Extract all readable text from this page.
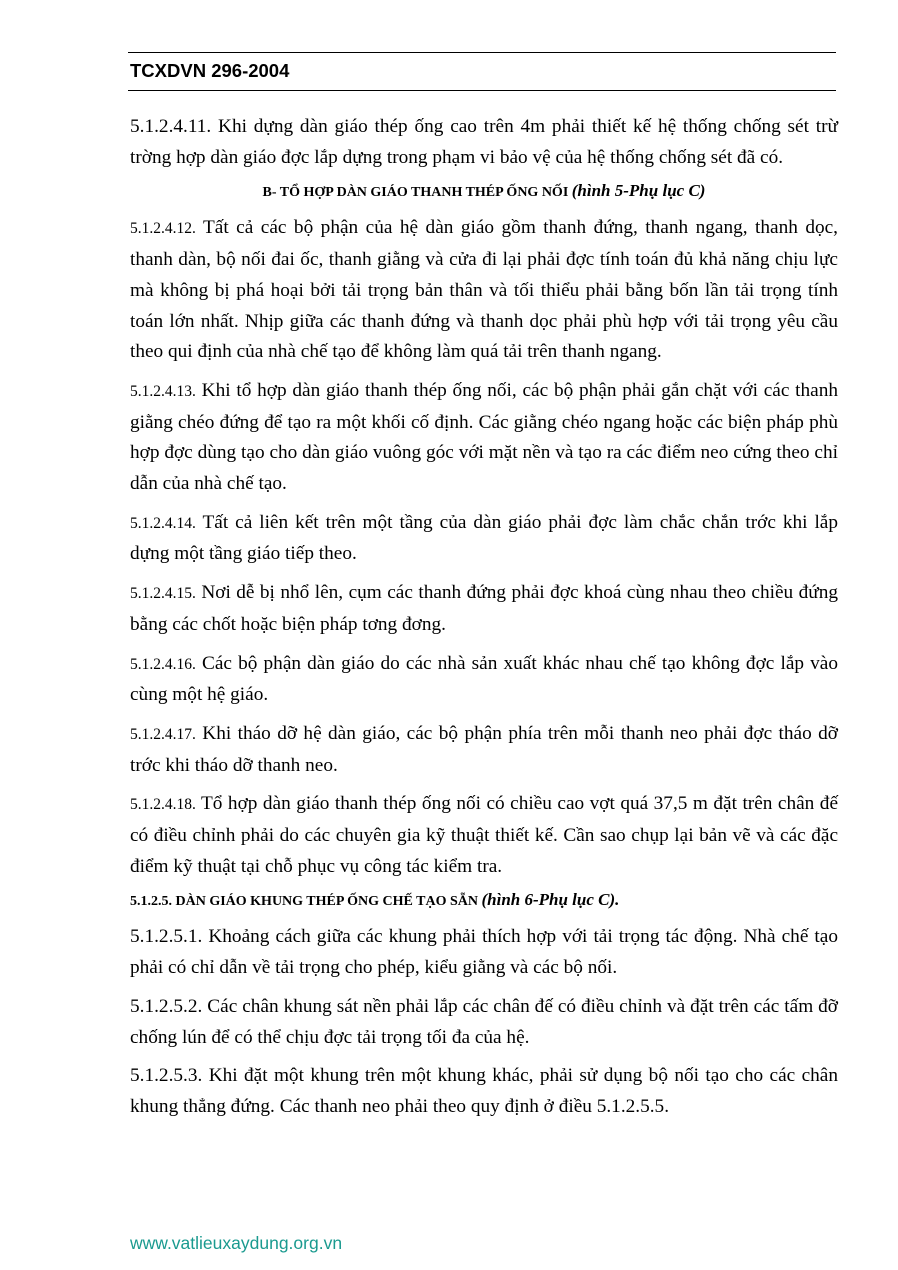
TCXDVN 296-2004

5.1.2.4.11. Khi dựng dàn giáo thép ống cao trên 4m phải thiết kế hệ thống chống sét trừ trờng hợp dàn giáo đợc lắp dựng trong phạm vi bảo vệ của hệ thống chống sét đã có.

B- TỔ HỢP DÀN GIÁO THANH THÉP ỐNG NỐI (hình 5-Phụ lục C)

5.1.2.4.12. Tất cả các bộ phận của hệ dàn giáo gồm thanh đứng, thanh ngang, thanh dọc, thanh dàn, bộ nối đai ốc, thanh giằng và cửa đi lại phải đợc tính toán đủ khả năng chịu lực mà không bị phá hoại bởi tải trọng bản thân và tối thiểu phải bằng bốn lần tải trọng tính toán lớn nhất. Nhịp giữa các thanh đứng và thanh dọc phải phù hợp với tải trọng yêu cầu theo qui định của nhà chế tạo để không làm quá tải trên thanh ngang.

5.1.2.4.13. Khi tổ hợp dàn giáo thanh thép ống nối, các bộ phận phải gắn chặt với các thanh giằng chéo đứng để tạo ra một khối cố định. Các giằng chéo ngang hoặc các biện pháp phù hợp đợc dùng tạo cho dàn giáo vuông góc với mặt nền và tạo ra các điểm neo cứng theo chỉ dẫn của nhà chế tạo.

5.1.2.4.14. Tất cả liên kết trên một tầng của dàn giáo phải đợc làm chắc chắn trớc khi lắp dựng một tầng giáo tiếp theo.

5.1.2.4.15. Nơi dễ bị nhổ lên, cụm các thanh đứng phải đợc khoá cùng nhau theo chiều đứng bằng các chốt hoặc biện pháp tơng đơng.

5.1.2.4.16. Các bộ phận dàn giáo do các nhà sản xuất khác nhau chế tạo không đợc lắp vào cùng một hệ giáo.

5.1.2.4.17. Khi tháo dỡ hệ dàn giáo, các bộ phận phía trên mỗi thanh neo phải đợc tháo dỡ trớc khi tháo dỡ thanh neo.

5.1.2.4.18. Tổ hợp dàn giáo thanh thép ống nối có chiều cao vợt quá 37,5 m đặt trên chân đế có điều chỉnh phải do các chuyên gia kỹ thuật thiết kế. Cần sao chụp lại bản vẽ và các đặc điểm kỹ thuật tại chỗ phục vụ công tác kiểm tra.

5.1.2.5. DÀN GIÁO KHUNG THÉP ỐNG CHẾ TẠO SẴN (hình 6-Phụ lục C).

5.1.2.5.1. Khoảng cách giữa các khung phải thích hợp với tải trọng tác động. Nhà chế tạo phải có chỉ dẫn về tải trọng cho phép, kiểu giằng và các bộ nối.

5.1.2.5.2. Các chân khung sát nền phải lắp các chân đế có điều chỉnh và đặt trên các tấm đỡ chống lún để có thể chịu đợc tải trọng tối đa của hệ.

5.1.2.5.3. Khi đặt một khung trên một khung khác, phải sử dụng bộ nối tạo cho các chân khung thẳng đứng. Các thanh neo phải theo quy định ở điều 5.1.2.5.5.

www.vatlieuxaydung.org.vn
